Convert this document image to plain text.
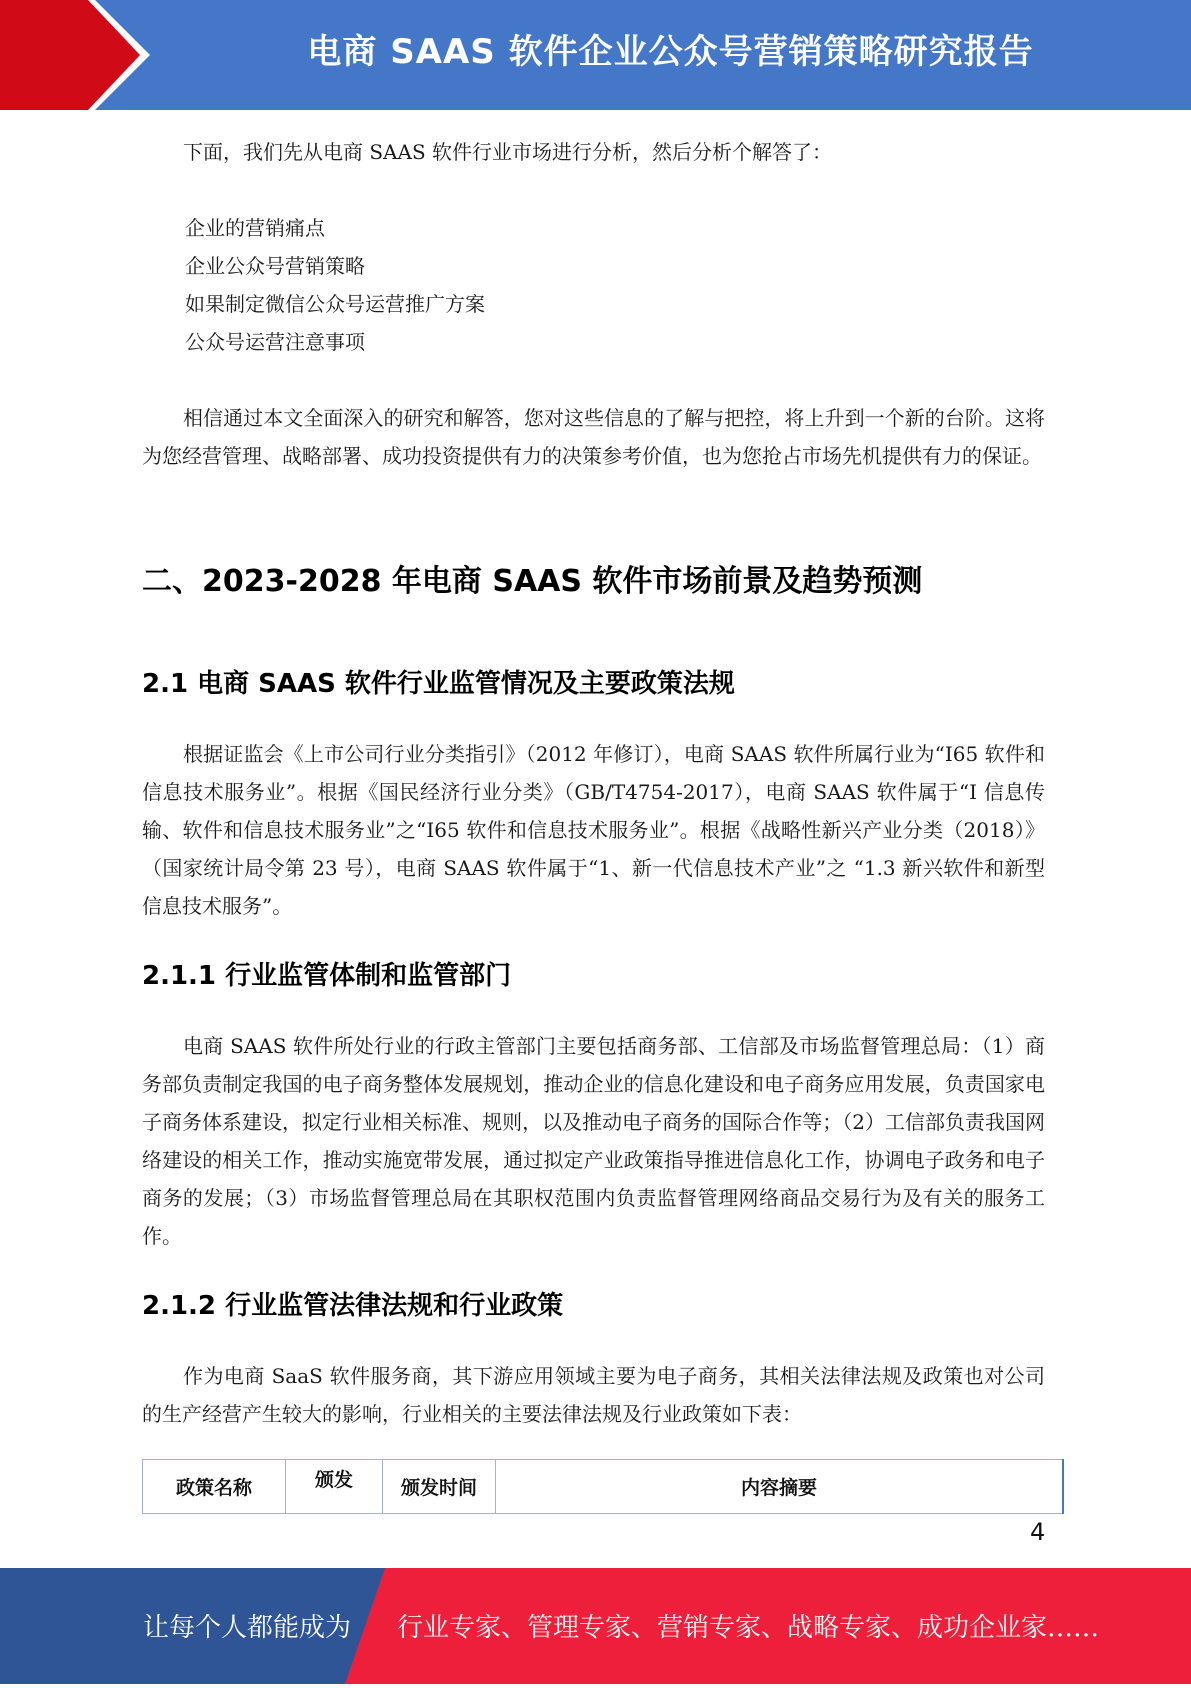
电商 SAAS 软件企业公众号营销策略研究报告

下面，我们先从电商 SAAS 软件行业市场进行分析，然后分析个解答了：

企业的营销痛点

企业公众号营销策略

如果制定微信公众号运营推广方案

公众号运营注意事项

相信通过本文全面深入的研究和解答，您对这些信息的了解与把控，将上升到一个新的台阶。这将为您经营管理、战略部署、成功投资提供有力的决策参考价值，也为您抢占市场先机提供有力的保证。

二、2023-2028 年电商 SAAS 软件市场前景及趋势预测
2.1 电商 SAAS 软件行业监管情况及主要政策法规

根据证监会《上市公司行业分类指引》（2012 年修订），电商 SAAS 软件所属行业为“I65 软件和信息技术服务业”。根据《国民经济行业分类》（GB/T4754-2017），电商 SAAS 软件属于“I 信息传输、软件和信息技术服务业”之“I65 软件和信息技术服务业”。根据《战略性新兴产业分类（2018）》（国家统计局令第 23 号），电商 SAAS 软件属于“1、新一代信息技术产业”之 “1.3 新兴软件和新型信息技术服务”。

2.1.1 行业监管体制和监管部门

电商 SAAS 软件所处行业的行政主管部门主要包括商务部、工信部及市场监督管理总局：（1）商务部负责制定我国的电子商务整体发展规划，推动企业的信息化建设和电子商务应用发展，负责国家电子商务体系建设，拟定行业相关标准、规则，以及推动电子商务的国际合作等；（2）工信部负责我国网络建设的相关工作，推动实施宽带发展，通过拟定产业政策指导推进信息化工作，协调电子政务和电子商务的发展；（3）市场监督管理总局在其职权范围内负责监督管理网络商品交易行为及有关的服务工作。

2.1.2 行业监管法律法规和行业政策

作为电商 SaaS 软件服务商，其下游应用领域主要为电子商务，其相关法律法规及政策也对公司的生产经营产生较大的影响，行业相关的主要法律法规及行业政策如下表：

政策名称	颁发	颁发时间	内容摘要
4
让每个人都能成为 行业专家、管理专家、营销专家、战略专家、成功企业家……
